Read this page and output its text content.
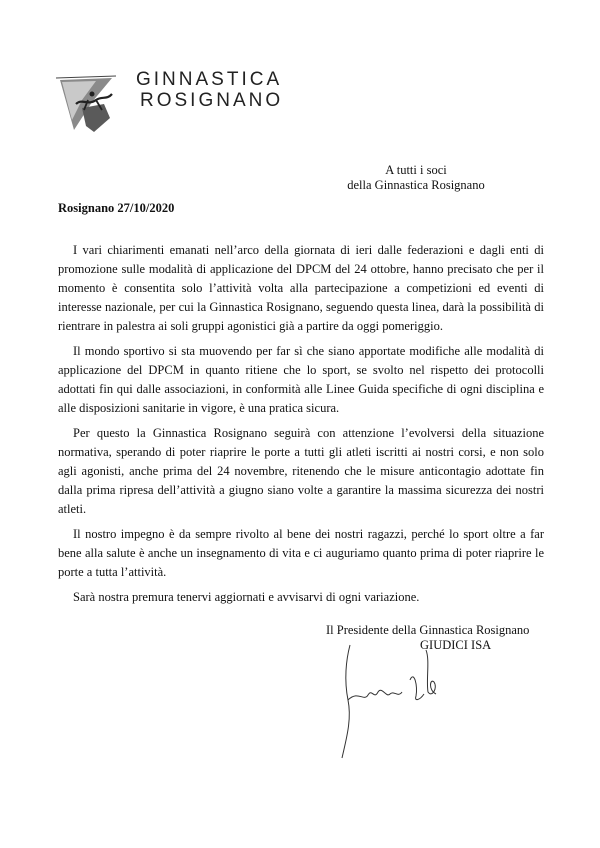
GINNASTICA
ROSIGNANO
A tutti i soci
della Ginnastica Rosignano
Rosignano 27/10/2020

I vari chiarimenti emanati nell’arco della giornata di ieri dalle federazioni e dagli enti di promozione sulle modalità di applicazione del DPCM del 24 ottobre, hanno precisato che per il momento è consentita solo l’attività volta alla partecipazione a competizioni ed eventi di interesse nazionale, per cui la Ginnastica Rosignano, seguendo questa linea, darà la possibilità di rientrare in palestra ai soli gruppi agonistici già a partire da oggi pomeriggio.

Il mondo sportivo si sta muovendo per far sì che siano apportate modifiche alle modalità di applicazione del DPCM in quanto ritiene che lo sport, se svolto nel rispetto dei protocolli adottati fin qui dalle associazioni, in conformità alle Linee Guida specifiche di ogni disciplina e alle disposizioni sanitarie in vigore, è una pratica sicura.

Per questo la Ginnastica Rosignano seguirà con attenzione l’evolversi della situazione normativa, sperando di poter riaprire le porte a tutti gli atleti iscritti ai nostri corsi, e non solo agli agonisti, anche prima del 24 novembre, ritenendo che le misure anticontagio adottate fin dalla prima ripresa dell’attività a giugno siano volte a garantire la massima sicurezza dei nostri atleti.

Il nostro impegno è da sempre rivolto al bene dei nostri ragazzi, perché lo sport oltre a far bene alla salute è anche un insegnamento di vita e ci auguriamo quanto prima di poter riaprire le porte a tutta l’attività.

Sarà nostra premura tenervi aggiornati e avvisarvi di ogni variazione.

Il Presidente della Ginnastica Rosignano
GIUDICI ISA
